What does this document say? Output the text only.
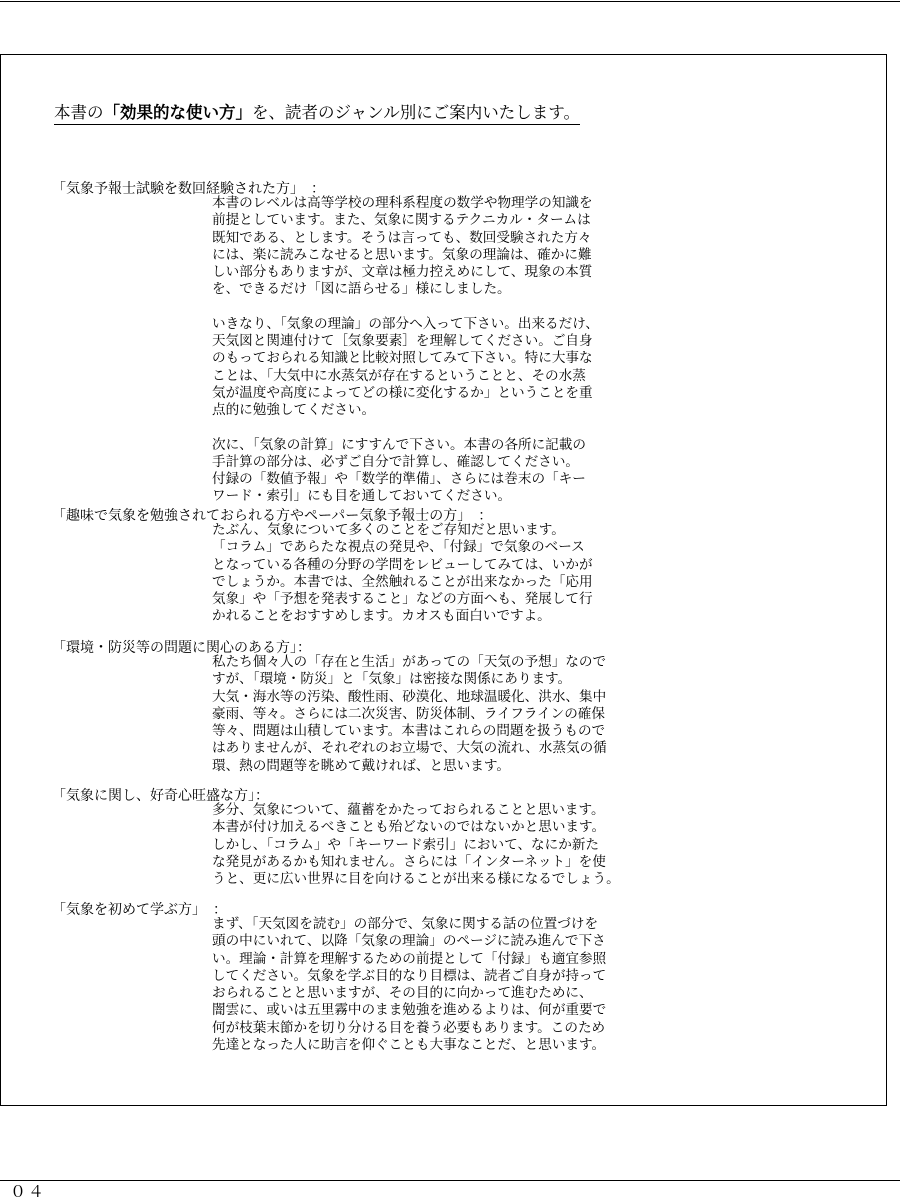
本書の「効果的な使い方」を、読者のジャンル別にご案内いたします。
「気象予報士試験を数回経験された方」　：

本書のレベルは高等学校の理科系程度の数学や物理学の知識を
前提としています。また、気象に関するテクニカル・タームは
既知である、とします。そうは言っても、数回受験された方々
には、楽に読みこなせると思います。気象の理論は、確かに難
しい部分もありますが、文章は極力控えめにして、現象の本質
を、できるだけ「図に語らせる」様にしました。

いきなり、「気象の理論」の部分へ入って下さい。出来るだけ、
天気図と関連付けて［気象要素］を理解してください。ご自身
のもっておられる知識と比較対照してみて下さい。特に大事な
ことは、「大気中に水蒸気が存在するということと、その水蒸
気が温度や高度によってどの様に変化するか」ということを重
点的に勉強してください。

次に、「気象の計算」にすすんで下さい。本書の各所に記載の
手計算の部分は、必ずご自分で計算し、確認してください。
付録の「数値予報」や「数学的準備」、さらには巻末の「キー
ワード・索引」にも目を通しておいてください。

「趣味で気象を勉強されておられる方やペーパー気象予報士の方」　：

たぶん、気象について多くのことをご存知だと思います。
「コラム」であらたな視点の発見や、「付録」で気象のベース
となっている各種の分野の学問をレビューしてみては、いかが
でしょうか。本書では、全然触れることが出来なかった「応用
気象」や「予想を発表すること」などの方面へも、発展して行
かれることをおすすめします。カオスも面白いですよ。

「環境・防災等の問題に関心のある方」：

私たち個々人の「存在と生活」があっての「天気の予想」なので
すが、「環境・防災」と「気象」は密接な関係にあります。
大気・海水等の汚染、酸性雨、砂漠化、地球温暖化、洪水、集中
豪雨、等々。さらには二次災害、防災体制、ライフラインの確保
等々、問題は山積しています。本書はこれらの問題を扱うもので
はありませんが、それぞれのお立場で、大気の流れ、水蒸気の循
環、熱の問題等を眺めて戴ければ、と思います。

「気象に関し、好奇心旺盛な方」：

多分、気象について、蘊蓄をかたっておられることと思います。
本書が付け加えるべきことも殆どないのではないかと思います。
しかし、「コラム」や「キーワード索引」において、なにか新た
な発見があるかも知れません。さらには「インターネット」を使
うと、更に広い世界に目を向けることが出来る様になるでしょう。

「気象を初めて学ぶ方」　：

まず、「天気図を読む」の部分で、気象に関する話の位置づけを
頭の中にいれて、以降「気象の理論」のページに読み進んで下さ
い。理論・計算を理解するための前提として「付録」も適宜参照
してください。気象を学ぶ目的なり目標は、読者ご自身が持って
おられることと思いますが、その目的に向かって進むために、
闇雲に、或いは五里霧中のまま勉強を進めるよりは、何が重要で
何が枝葉末節かを切り分ける目を養う必要もあります。このため
先達となった人に助言を仰ぐことも大事なことだ、と思います。

０４
